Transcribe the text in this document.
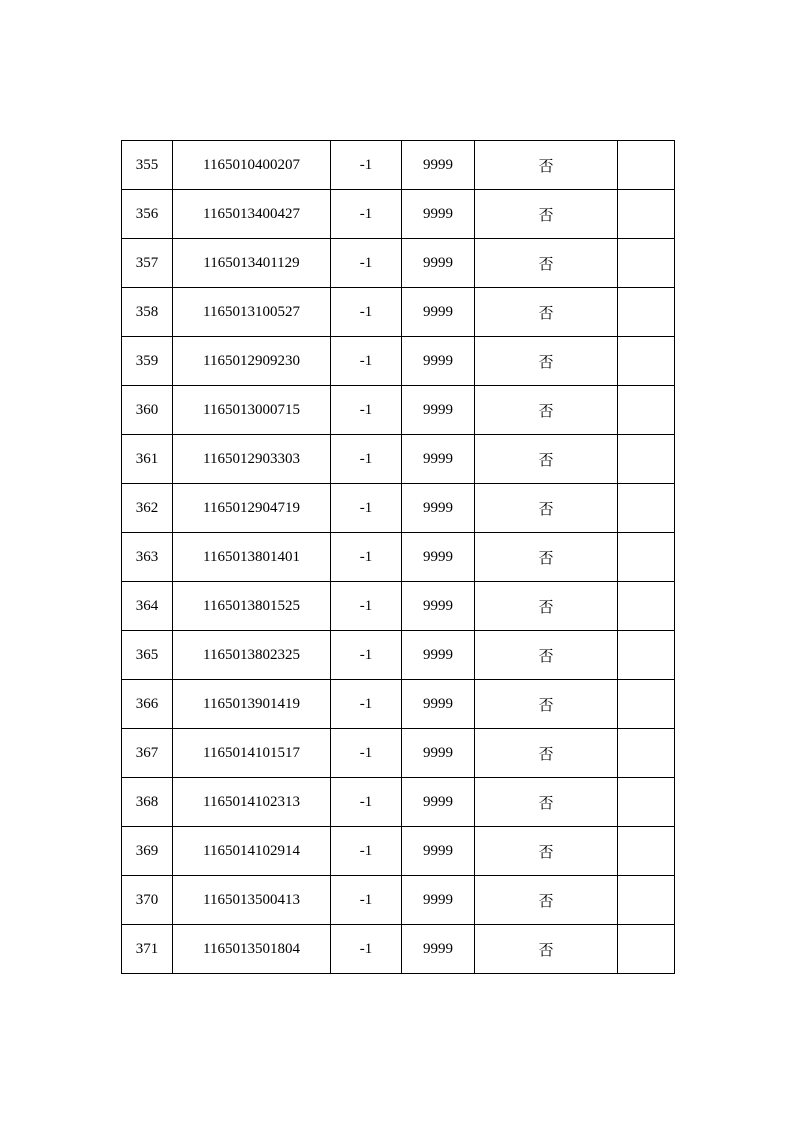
355	1165010400207	-1	9999	否	
356	1165013400427	-1	9999	否	
357	1165013401129	-1	9999	否	
358	1165013100527	-1	9999	否	
359	1165012909230	-1	9999	否	
360	1165013000715	-1	9999	否	
361	1165012903303	-1	9999	否	
362	1165012904719	-1	9999	否	
363	1165013801401	-1	9999	否	
364	1165013801525	-1	9999	否	
365	1165013802325	-1	9999	否	
366	1165013901419	-1	9999	否	
367	1165014101517	-1	9999	否	
368	1165014102313	-1	9999	否	
369	1165014102914	-1	9999	否	
370	1165013500413	-1	9999	否	
371	1165013501804	-1	9999	否	
